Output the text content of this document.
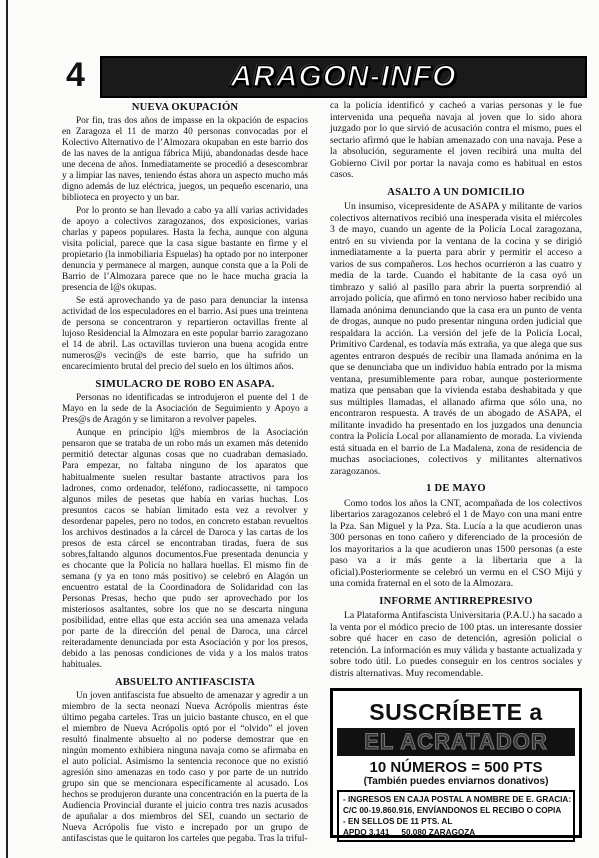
4	ARAGON-INFO
NUEVA OKUPACIÓN

Por fin, tras dos años de impasse en la okpación de espacios en Zaragoza el 11 de marzo 40 personas convocadas por el Kolectivo Alternativo de l’Almozara okupaban en este barrio dos de las naves de la antigua fábrica Mijú, abandonadas desde hace une decena de años. Inmediatamente se procedió a desescombrar y a limpiar las naves, teniendo éstas ahora un aspecto mucho más digno además de luz eléctrica, juegos, un pequeño escenario, una biblioteca en proyecto y un bar.

Por lo pronto se han llevado a cabo ya allí varias actividades de apoyo a colectivos zaragozanos, dos exposiciones, varias charlas y papeos populares. Hasta la fecha, aunque con alguna visita policial, parece que la casa sigue bastante en firme y el propietario (la inmobiliaria Espuelas) ha optado por no interponer denuncia y permanece al margen, aunque consta que a la Poli de Barrio de l’Almozara parece que no le hace mucha gracia la presencia de l@s okupas.

Se está aprovechando ya de paso para denunciar la intensa actividad de los especuladores en el barrio. Así pues una treintena de persona se concentraron y repartieron octavillas frente al lujoso Residencial la Almozara en este popular barrio zaragozano el 14 de abril. Las octavillas tuvieron una buena acogida entre numeros@s vecin@s de este barrio, que ha sufrido un encarecimiento brutal del precio del suelo en los últimos años.

SIMULACRO DE ROBO EN ASAPA.

Personas no identificadas se introdujeron el puente del 1 de Mayo en la sede de la Asociación de Seguimiento y Apoyo a Pres@s de Aragón y se limitaron a revolver papeles.

Aunque en principio l@s miembros de la Asociación pensaron que se trataba de un robo más un examen más detenido permitió detectar algunas cosas que no cuadraban demasiado. Para empezar, no faltaba ninguno de los aparatos que habitualmente suelen resultar bastante atractivos para los ladrones, como ordenador, teléfono, radiocassette, ni tampoco algunos miles de pesetas que había en varias huchas. Los presuntos cacos se habían limitado esta vez a revolver y desordenar papeles, pero no todos, en concreto estaban revueltos los archivos destinados a la cárcel de Daroca y las cartas de los presos de esta cárcel se encontraban tiradas, fuera de sus sobres,faltando algunos documentos.Fue presentada denuncia y es chocante que la Policía no hallara huellas. El mismo fin de semana (y ya en tono más positivo) se celebró en Alagón un encuentro estatal de la Coordinadora de Solidaridad con las Personas Presas, hecho que pudo ser aprovechado por los misteriosos asaltantes, sobre los que no se descarta ninguna posibilidad, entre ellas que esta acción sea una amenaza velada por parte de la dirección del penal de Daroca, una cárcel reiteradamente denunciada por esta Asociación y por los presos, debido a las penosas condiciones de vida y a los malos tratos habituales.

ABSUELTO ANTIFASCISTA

Un joven antifascista fue absuelto de amenazar y agredir a un miembro de la secta neonazi Nueva Acrópolis mientras éste último pegaba carteles. Tras un juicio bastante chusco, en el que el miembro de Nueva Acrópolis optó por el “olvido” el joven resultó finalmente absuelto al no poderse demostrar que en ningún momento exhibiera ninguna navaja como se afirmaba en el auto policial. Asimismo la sentencia reconoce que no existió agresión sino amenazas en todo caso y por parte de un nutrido grupo sin que se mencionara específicamente al acusado. Los hechos se produjeron durante una concentración en la puerta de la Audiencia Provincial durante el juicio contra tres nazis acusados de apuñalar a dos miembros del SEI, cuando un sectario de Nueva Acrópolis fue visto e increpado por un grupo de antifascistas que le quitaron los carteles que pegaba. Tras la triful-

ca la policía identificó y cacheó a varias personas y le fue intervenida una pequeña navaja al joven que lo sido ahora juzgado por lo que sirvió de acusación contra el mismo, pues el sectario afirmó que le habían amenazado con una navaja. Pese a la absolución, seguramente el joven recibirá una multa del Gobierno Civil por portar la navaja como es habitual en estos casos.

ASALTO A UN DOMICILIO

Un insumiso, vicepresidente de ASAPA y militante de varios colectivos alternativos recibió una inesperada visita el miércoles 3 de mayo, cuando un agente de la Policía Local zaragozana, entró en su vivienda por la ventana de la cocina y se dirigió inmediatamente a la puerta para abrir y permitir el acceso a varios de sus compañeros. Los hechos ocurrieron a las cuatro y media de la tarde. Cuando el habitante de la casa oyó un timbrazo y salió al pasillo para abrir la puerta sorprendió al arrojado policía, que afirmó en tono nervioso haber recibido una llamada anónima denunciando que la casa era un punto de venta de drogas, aunque no pudo presentar ninguna orden judicial que respaldara la acción. La versión del jefe de la Policía Local, Primitivo Cardenal, es todavía más extraña, ya que alega que sus agentes entraron después de recibir una llamada anónima en la que se denunciaba que un individuo había entrado por la misma ventana, presumiblemente para robar, aunque posteriormente matiza que pensaban que la vivienda estaba deshabitada y que sus múltiples llamadas, el allanado afirma que sólo una, no encontraron respuesta. A través de un abogado de ASAPA, el militante invadido ha presentado en los juzgados una denuncia contra la Policía Local por allanamiento de morada. La vivienda está situada en el barrio de La Madalena, zona de residencia de muchas asociaciones, colectivos y militantes alternativos zaragozanos.

1 DE MAYO

Como todos los años la CNT, acompañada de los colectivos libertarios zaragozanos celebró el 1 de Mayo con una mani entre la Pza. San Miguel y la Pza. Sta. Lucía a la que acudieron unas 300 personas en tono cañero y diferenciado de la procesión de los mayoritarios a la que acudieron unas 1500 personas (a este paso va a ir más gente a la libertaria que a la oficial).Posteriormente se celebró un vermu en el CSO Mijú y una comida fraternal en el soto de la Almozara.

INFORME ANTIRREPRESIVO

La Plataforma Antifascista Universitaria (P.A.U.) ha sacado a la venta por el módico precio de 100 ptas. un interesante dossier sobre qué hacer en caso de detención, agresión policial o retención. La información es muy válida y bastante actualizada y sobre todo útil. Lo puedes conseguir en los centros sociales y distris alternativas. Muy recomendable.

SUSCRÍBETE a
EL ACRATADOR
10 NÚMEROS = 500 PTS
(También puedes enviarnos donativos)
- INGRESOS EN CAJA POSTAL A NOMBRE DE E. GRACIA:
C/C 00-19.860.916, ENVÍANDONOS EL RECIBO O COPIA
- EN SELLOS DE 11 PTS. AL
APDO 3.141 50.080 ZARAGOZA
